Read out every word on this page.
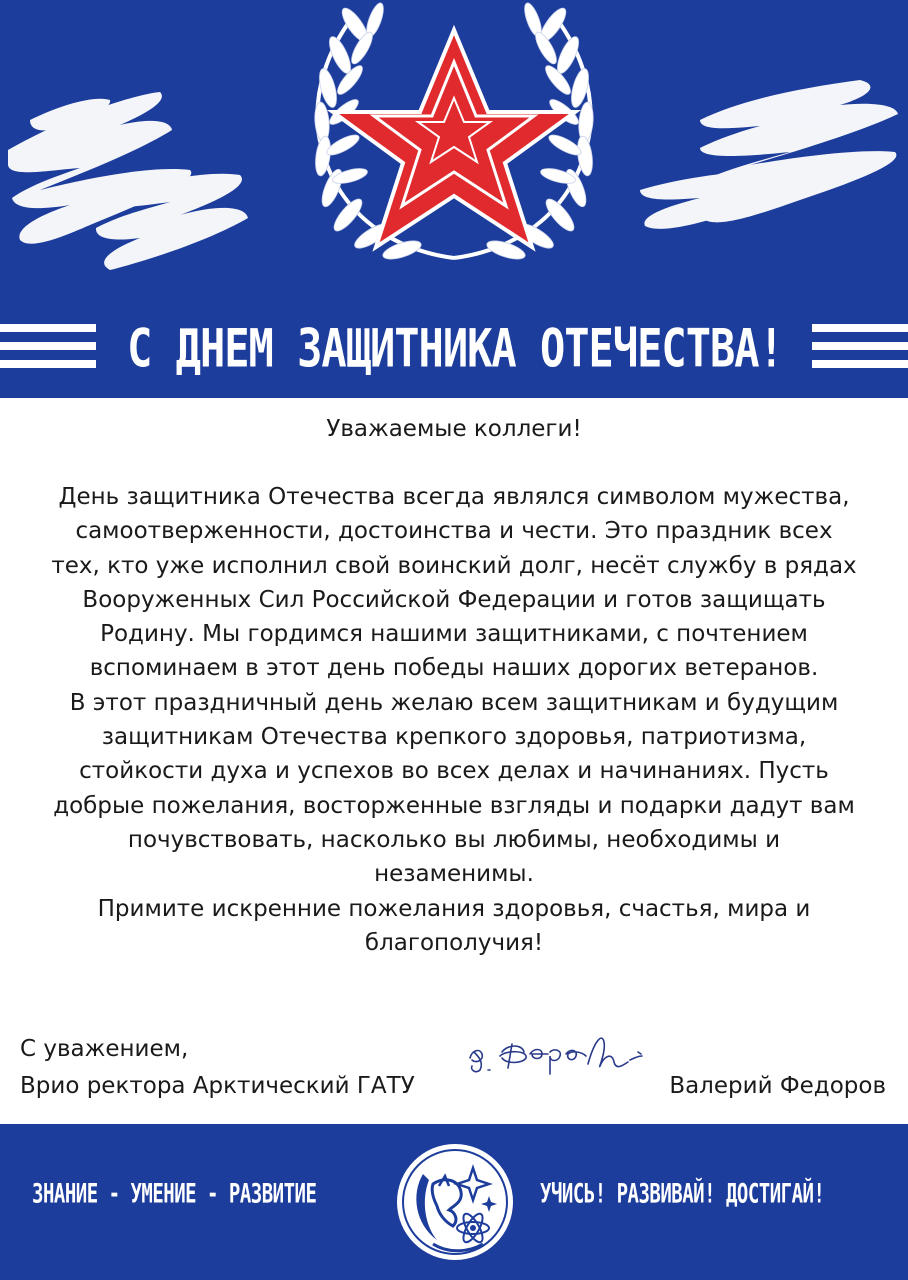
С ДНЕМ ЗАЩИТНИКА ОТЕЧЕСТВА!
Уважаемые коллеги!
День защитника Отечества всегда являлся символом мужества,
самоотверженности, достоинства и чести. Это праздник всех
тех, кто уже исполнил свой воинский долг, несёт службу в рядах
Вооруженных Сил Российской Федерации и готов защищать
Родину. Мы гордимся нашими защитниками, с почтением
вспоминаем в этот день победы наших дорогих ветеранов.
В этот праздничный день желаю всем защитникам и будущим
защитникам Отечества крепкого здоровья, патриотизма,
стойкости духа и успехов во всех делах и начинаниях. Пусть
добрые пожелания, восторженные взгляды и подарки дадут вам
почувствовать, насколько вы любимы, необходимы и
незаменимы.
Примите искренние пожелания здоровья, счастья, мира и
благополучия!
С уважением,
Врио ректора Арктический ГАТУ	Валерий Федоров
в. Федоров
ЗНАНИЕ - УМЕНИЕ - РАЗВИТИЕ	УЧИСЬ! РАЗВИВАЙ! ДОСТИГАЙ!
